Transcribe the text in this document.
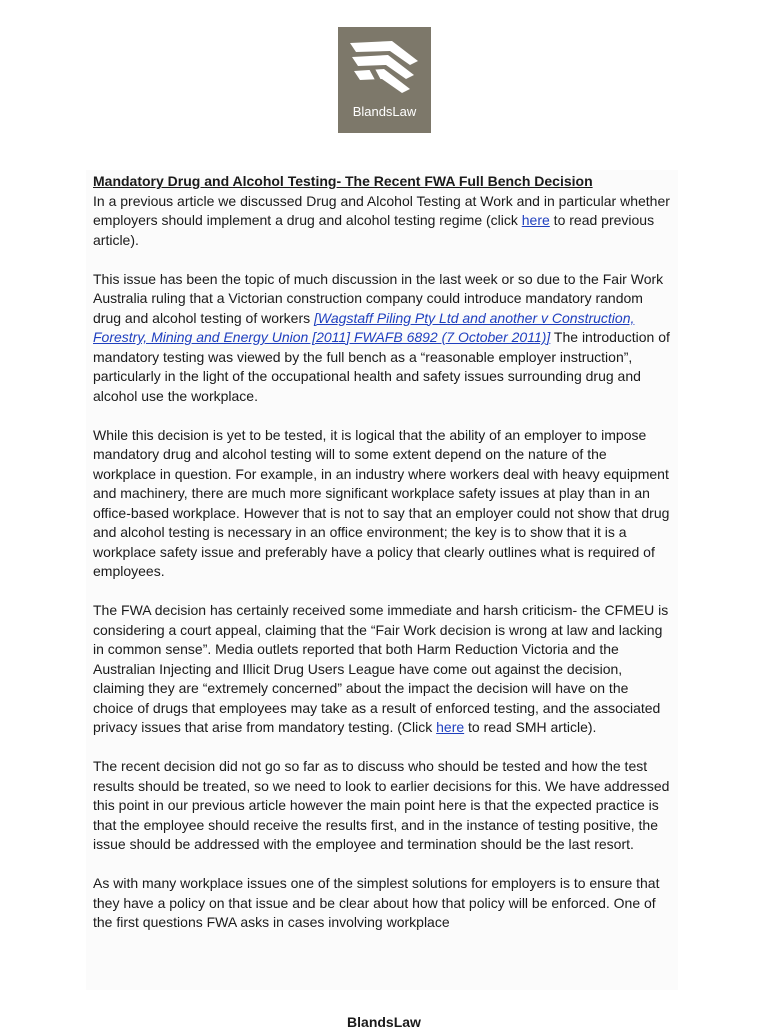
BlandsLaw

Mandatory Drug and Alcohol Testing- The Recent FWA Full Bench Decision

In a previous article we discussed Drug and Alcohol Testing at Work and in particular whether employers should implement a drug and alcohol testing regime (click here to read previous article).

This issue has been the topic of much discussion in the last week or so due to the Fair Work Australia ruling that a Victorian construction company could introduce mandatory random drug and alcohol testing of workers [Wagstaff Piling Pty Ltd and another v Construction, Forestry, Mining and Energy Union [2011] FWAFB 6892 (7 October 2011)] The introduction of mandatory testing was viewed by the full bench as a “reasonable employer instruction”, particularly in the light of the occupational health and safety issues surrounding drug and alcohol use the workplace.

While this decision is yet to be tested, it is logical that the ability of an employer to impose mandatory drug and alcohol testing will to some extent depend on the nature of the workplace in question. For example, in an industry where workers deal with heavy equipment and machinery, there are much more significant workplace safety issues at play than in an office-based workplace. However that is not to say that an employer could not show that drug and alcohol testing is necessary in an office environment; the key is to show that it is a workplace safety issue and preferably have a policy that clearly outlines what is required of employees.

The FWA decision has certainly received some immediate and harsh criticism- the CFMEU is considering a court appeal, claiming that the “Fair Work decision is wrong at law and lacking in common sense”. Media outlets reported that both Harm Reduction Victoria and the Australian Injecting and Illicit Drug Users League have come out against the decision, claiming they are “extremely concerned” about the impact the decision will have on the choice of drugs that employees may take as a result of enforced testing, and the associated privacy issues that arise from mandatory testing. (Click here to read SMH article).

The recent decision did not go so far as to discuss who should be tested and how the test results should be treated, so we need to look to earlier decisions for this. We have addressed this point in our previous article however the main point here is that the expected practice is that the employee should receive the results first, and in the instance of testing positive, the issue should be addressed with the employee and termination should be the last resort.

As with many workplace issues one of the simplest solutions for employers is to ensure that they have a policy on that issue and be clear about how that policy will be enforced. One of the first questions FWA asks in cases involving workplace

BlandsLaw
